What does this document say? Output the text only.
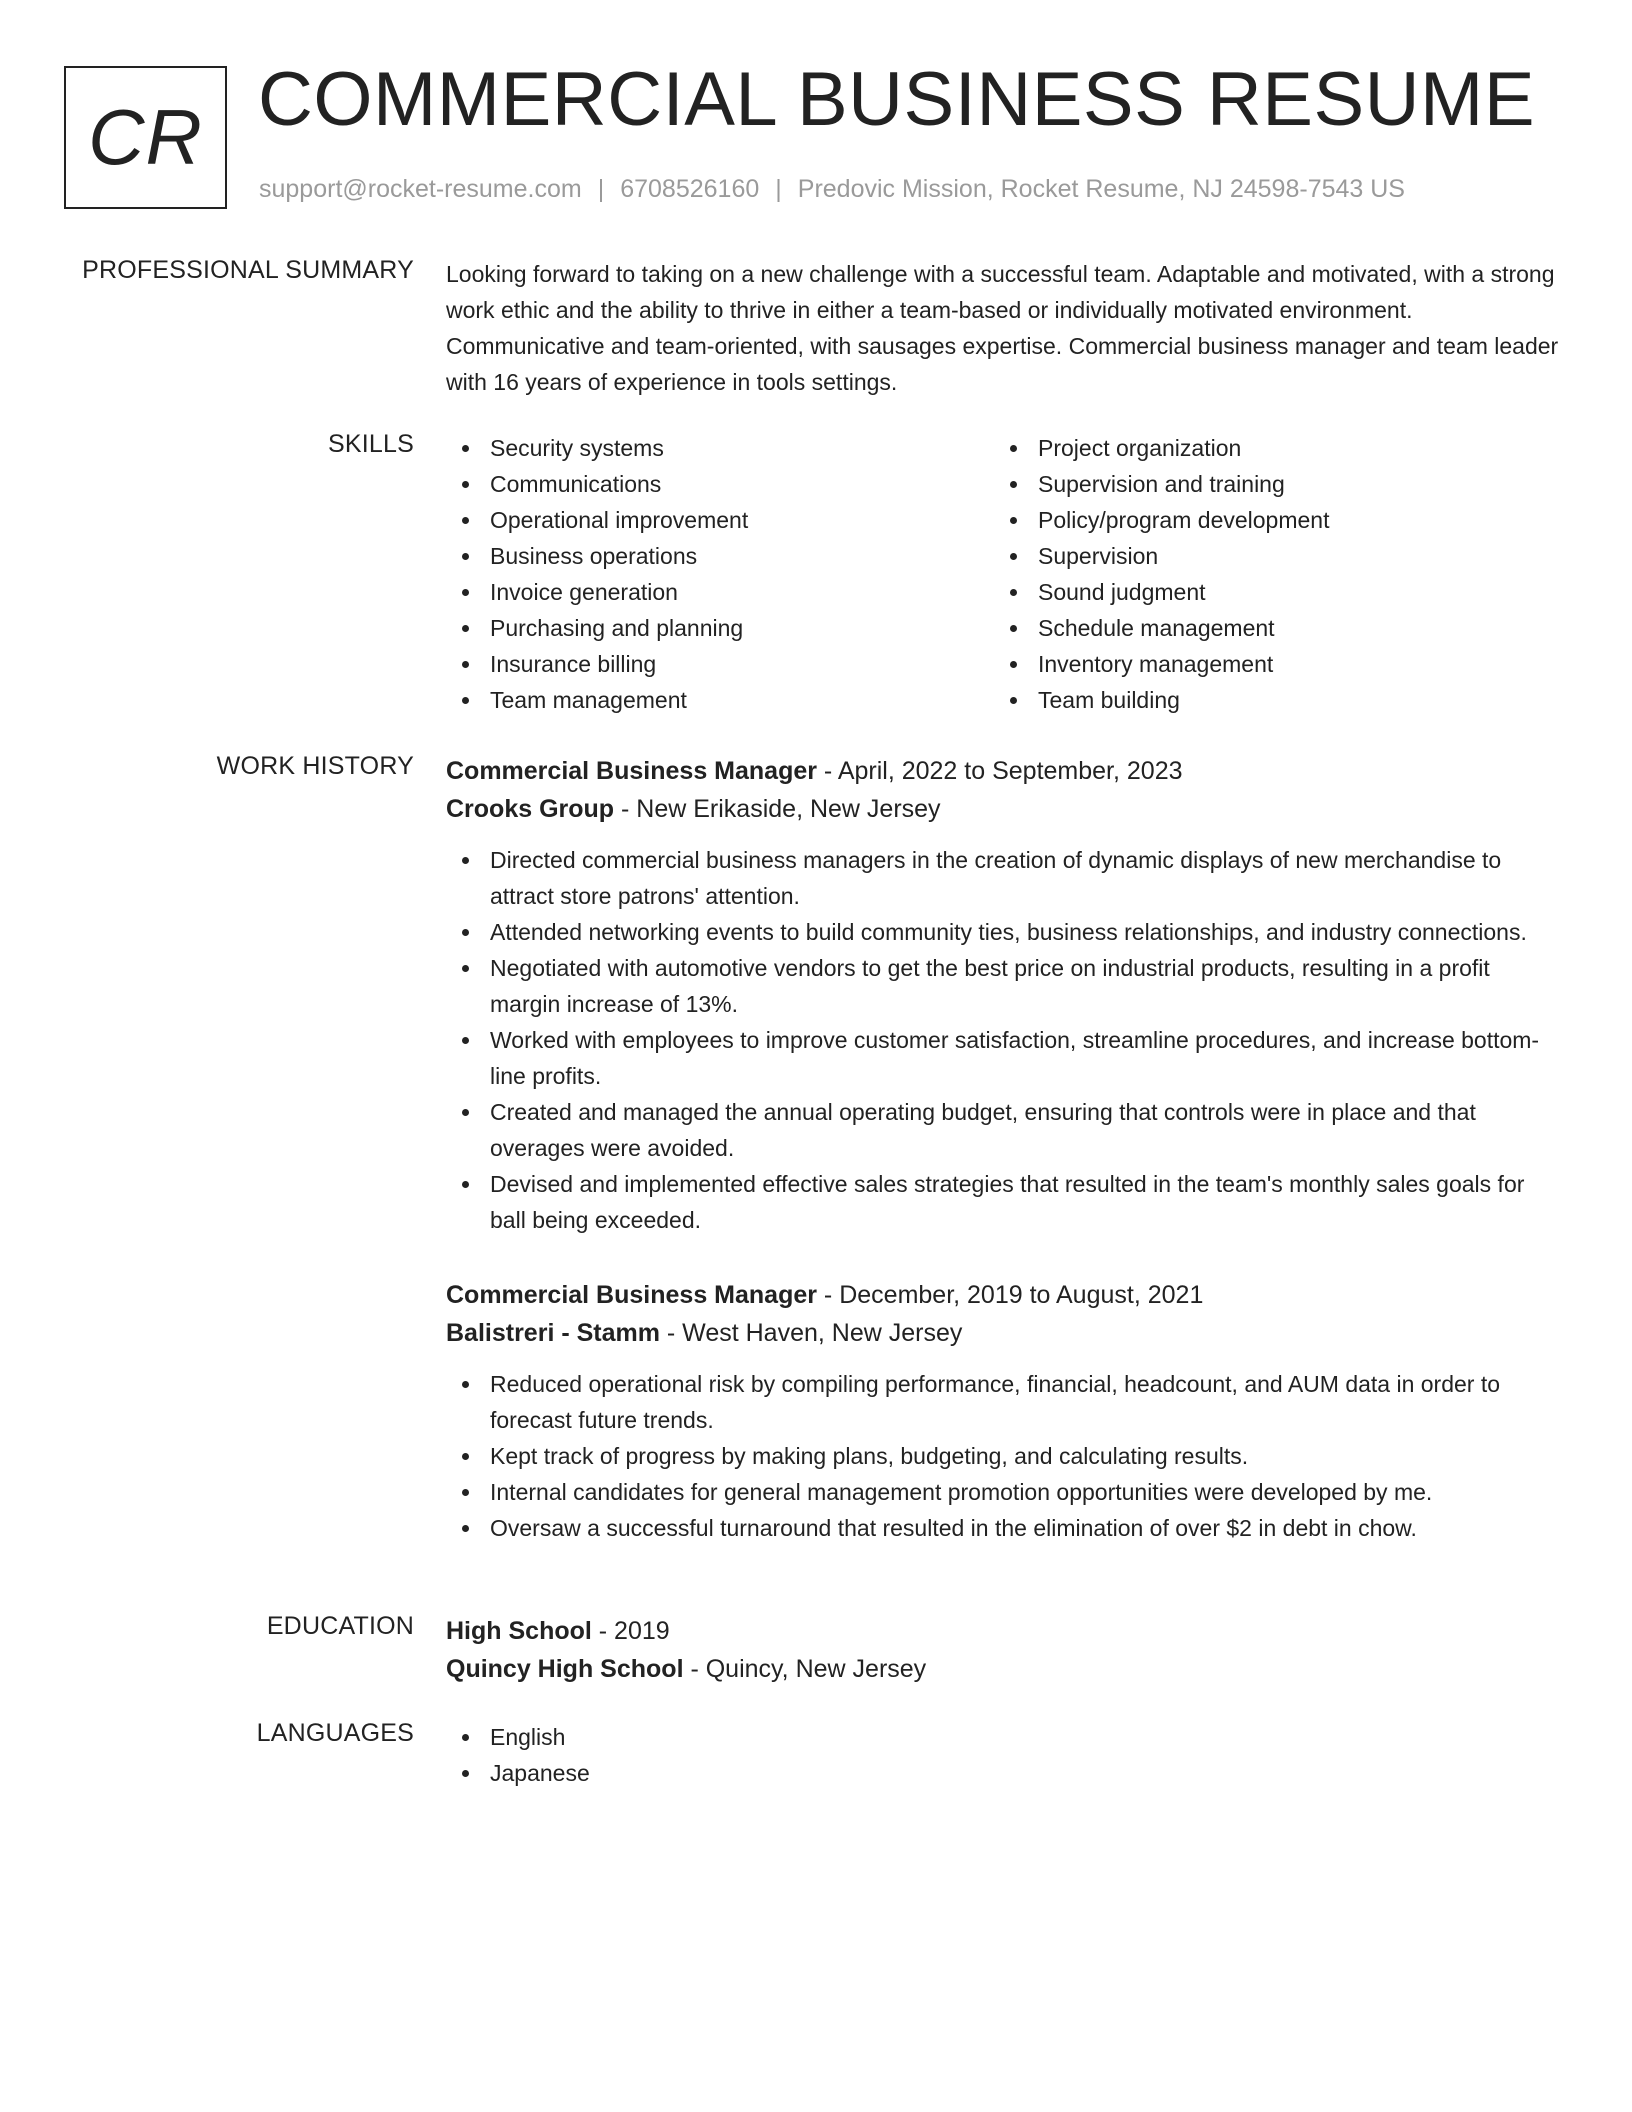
CR COMMERCIAL BUSINESS RESUME
support@rocket-resume.com | 6708526160 | Predovic Mission, Rocket Resume, NJ 24598-7543 US
PROFESSIONAL SUMMARY Looking forward to taking on a new challenge with a successful team. Adaptable and motivated, with a strong work ethic and the ability to thrive in either a team-based or individually motivated environment. Communicative and team-oriented, with sausages expertise. Commercial business manager and team leader with 16 years of experience in tools settings.
SKILLS	Security systems
Communications
Operational improvement
Business operations
Invoice generation
Purchasing and planning
Insurance billing
Team management
Project organization
Supervision and training
Policy/program development
Supervision
Sound judgment
Schedule management
Inventory management
Team building
WORK HISTORY Commercial Business Manager - April, 2022 to September, 2023
Crooks Group - New Erikaside, New Jersey
Directed commercial business managers in the creation of dynamic displays of new merchandise to attract store patrons' attention.
Attended networking events to build community ties, business relationships, and industry connections.
Negotiated with automotive vendors to get the best price on industrial products, resulting in a profit margin increase of 13%.
Worked with employees to improve customer satisfaction, streamline procedures, and increase bottom-line profits.
Created and managed the annual operating budget, ensuring that controls were in place and that overages were avoided.
Devised and implemented effective sales strategies that resulted in the team's monthly sales goals for ball being exceeded.
Commercial Business Manager - December, 2019 to August, 2021
Balistreri - Stamm - West Haven, New Jersey
Reduced operational risk by compiling performance, financial, headcount, and AUM data in order to forecast future trends.
Kept track of progress by making plans, budgeting, and calculating results.
Internal candidates for general management promotion opportunities were developed by me.
Oversaw a successful turnaround that resulted in the elimination of over $2 in debt in chow.
EDUCATION High School - 2019
Quincy High School - Quincy, New Jersey
LANGUAGES	English
Japanese
